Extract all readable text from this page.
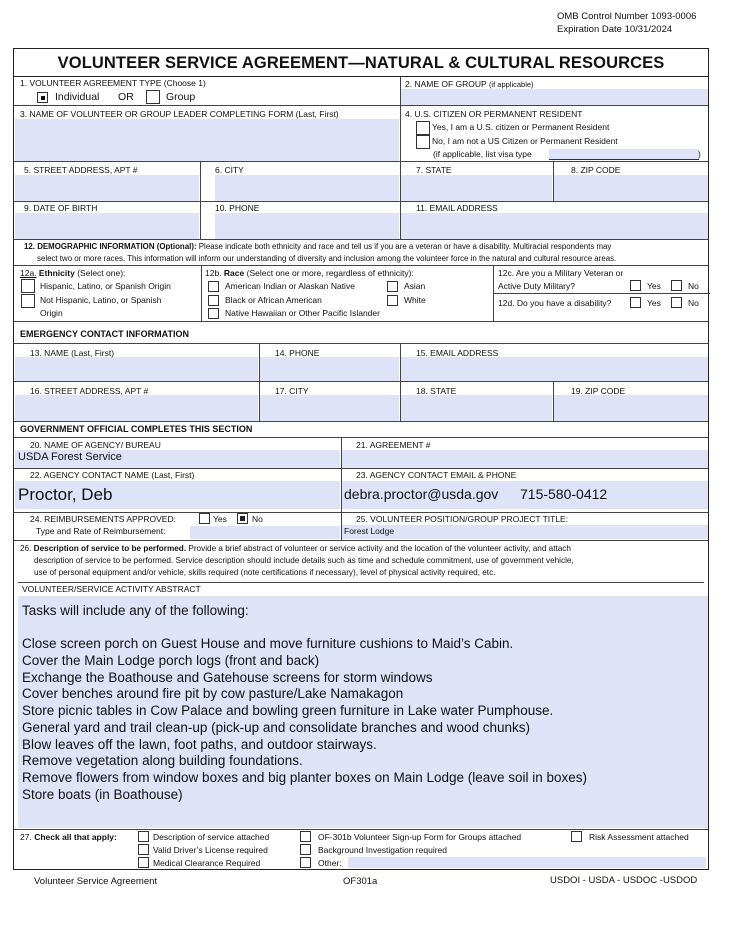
OMB Control Number 1093-0006
Expiration Date 10/31/2024
VOLUNTEER SERVICE AGREEMENT—NATURAL & CULTURAL RESOURCES
1. VOLUNTEER AGREEMENT TYPE (Choose 1)
Individual OR	Group
2. NAME OF GROUP (if applicable)
3. NAME OF VOLUNTEER OR GROUP LEADER COMPLETING FORM (Last, First)	4. U.S. CITIZEN OR PERMANENT RESIDENT
Yes, I am a U.S. citizen or Permanent Resident
No, I am not a US Citizen or Permanent Resident
(if applicable, list visa type	)
5. STREET ADDRESS, APT #	6. CITY	7. STATE	8. ZIP CODE
9. DATE OF BIRTH	10. PHONE	11. EMAIL ADDRESS
12. DEMOGRAPHIC INFORMATION (Optional): Please indicate both ethnicity and race and tell us if you are a veteran or have a disability. Multiracial respondents may
select two or more races. This information will inform our understanding of diversity and inclusion among the volunteer force in the natural and cultural resource areas.
12a. Ethnicity (Select one):
Hispanic, Latino, or Spanish Origin
Not Hispanic, Latino, or Spanish
Origin
12b. Race (Select one or more, regardless of ethnicity):
American Indian or Alaskan Native	Asian
Black or African American	White
Native Hawaiian or Other Pacific Islander
12c. Are you a Military Veteran or
Active Duty Military?	Yes	No
12d. Do you have a disability?	Yes	No
EMERGENCY CONTACT INFORMATION
13. NAME (Last, First)	14. PHONE	15. EMAIL ADDRESS
16. STREET ADDRESS, APT #	17. CITY	18. STATE	19. ZIP CODE
GOVERNMENT OFFICIAL COMPLETES THIS SECTION
20. NAME OF AGENCY/ BUREAU
USDA Forest Service
21. AGREEMENT #
22. AGENCY CONTACT NAME (Last, First)
Proctor, Deb
23. AGENCY CONTACT EMAIL & PHONE
debra.proctor@usda.gov 715-580-0412
24. REIMBURSEMENTS APPROVED:	Yes	No
Type and Rate of Reimbursement:
25. VOLUNTEER POSITION/GROUP PROJECT TITLE:
Forest Lodge
26. Description of service to be performed. Provide a brief abstract of volunteer or service activity and the location of the volunteer activity, and attach
description of service to be performed. Service description should include details such as time and schedule commitment, use of government vehicle,
use of personal equipment and/or vehicle, skills required (note certifications if necessary), level of physical activity required, etc.
VOLUNTEER/SERVICE ACTIVITY ABSTRACT
Tasks will include any of the following:
Close screen porch on Guest House and move furniture cushions to Maid’s Cabin.
Cover the Main Lodge porch logs (front and back)
Exchange the Boathouse and Gatehouse screens for storm windows
Cover benches around fire pit by cow pasture/Lake Namakagon
Store picnic tables in Cow Palace and bowling green furniture in Lake water Pumphouse.
General yard and trail clean-up (pick-up and consolidate branches and wood chunks)
Blow leaves off the lawn, foot paths, and outdoor stairways.
Remove vegetation along building foundations.
Remove flowers from window boxes and big planter boxes on Main Lodge (leave soil in boxes)
Store boats (in Boathouse)
27. Check all that apply:	Description of service attached	OF-301b Volunteer Sign-up Form for Groups attached	Risk Assessment attached
Valid Driver’s License required	Background Investigation required
Medical Clearance Required	Other:
Volunteer Service Agreement	OF301a	USDOI - USDA - USDOC -USDOD
